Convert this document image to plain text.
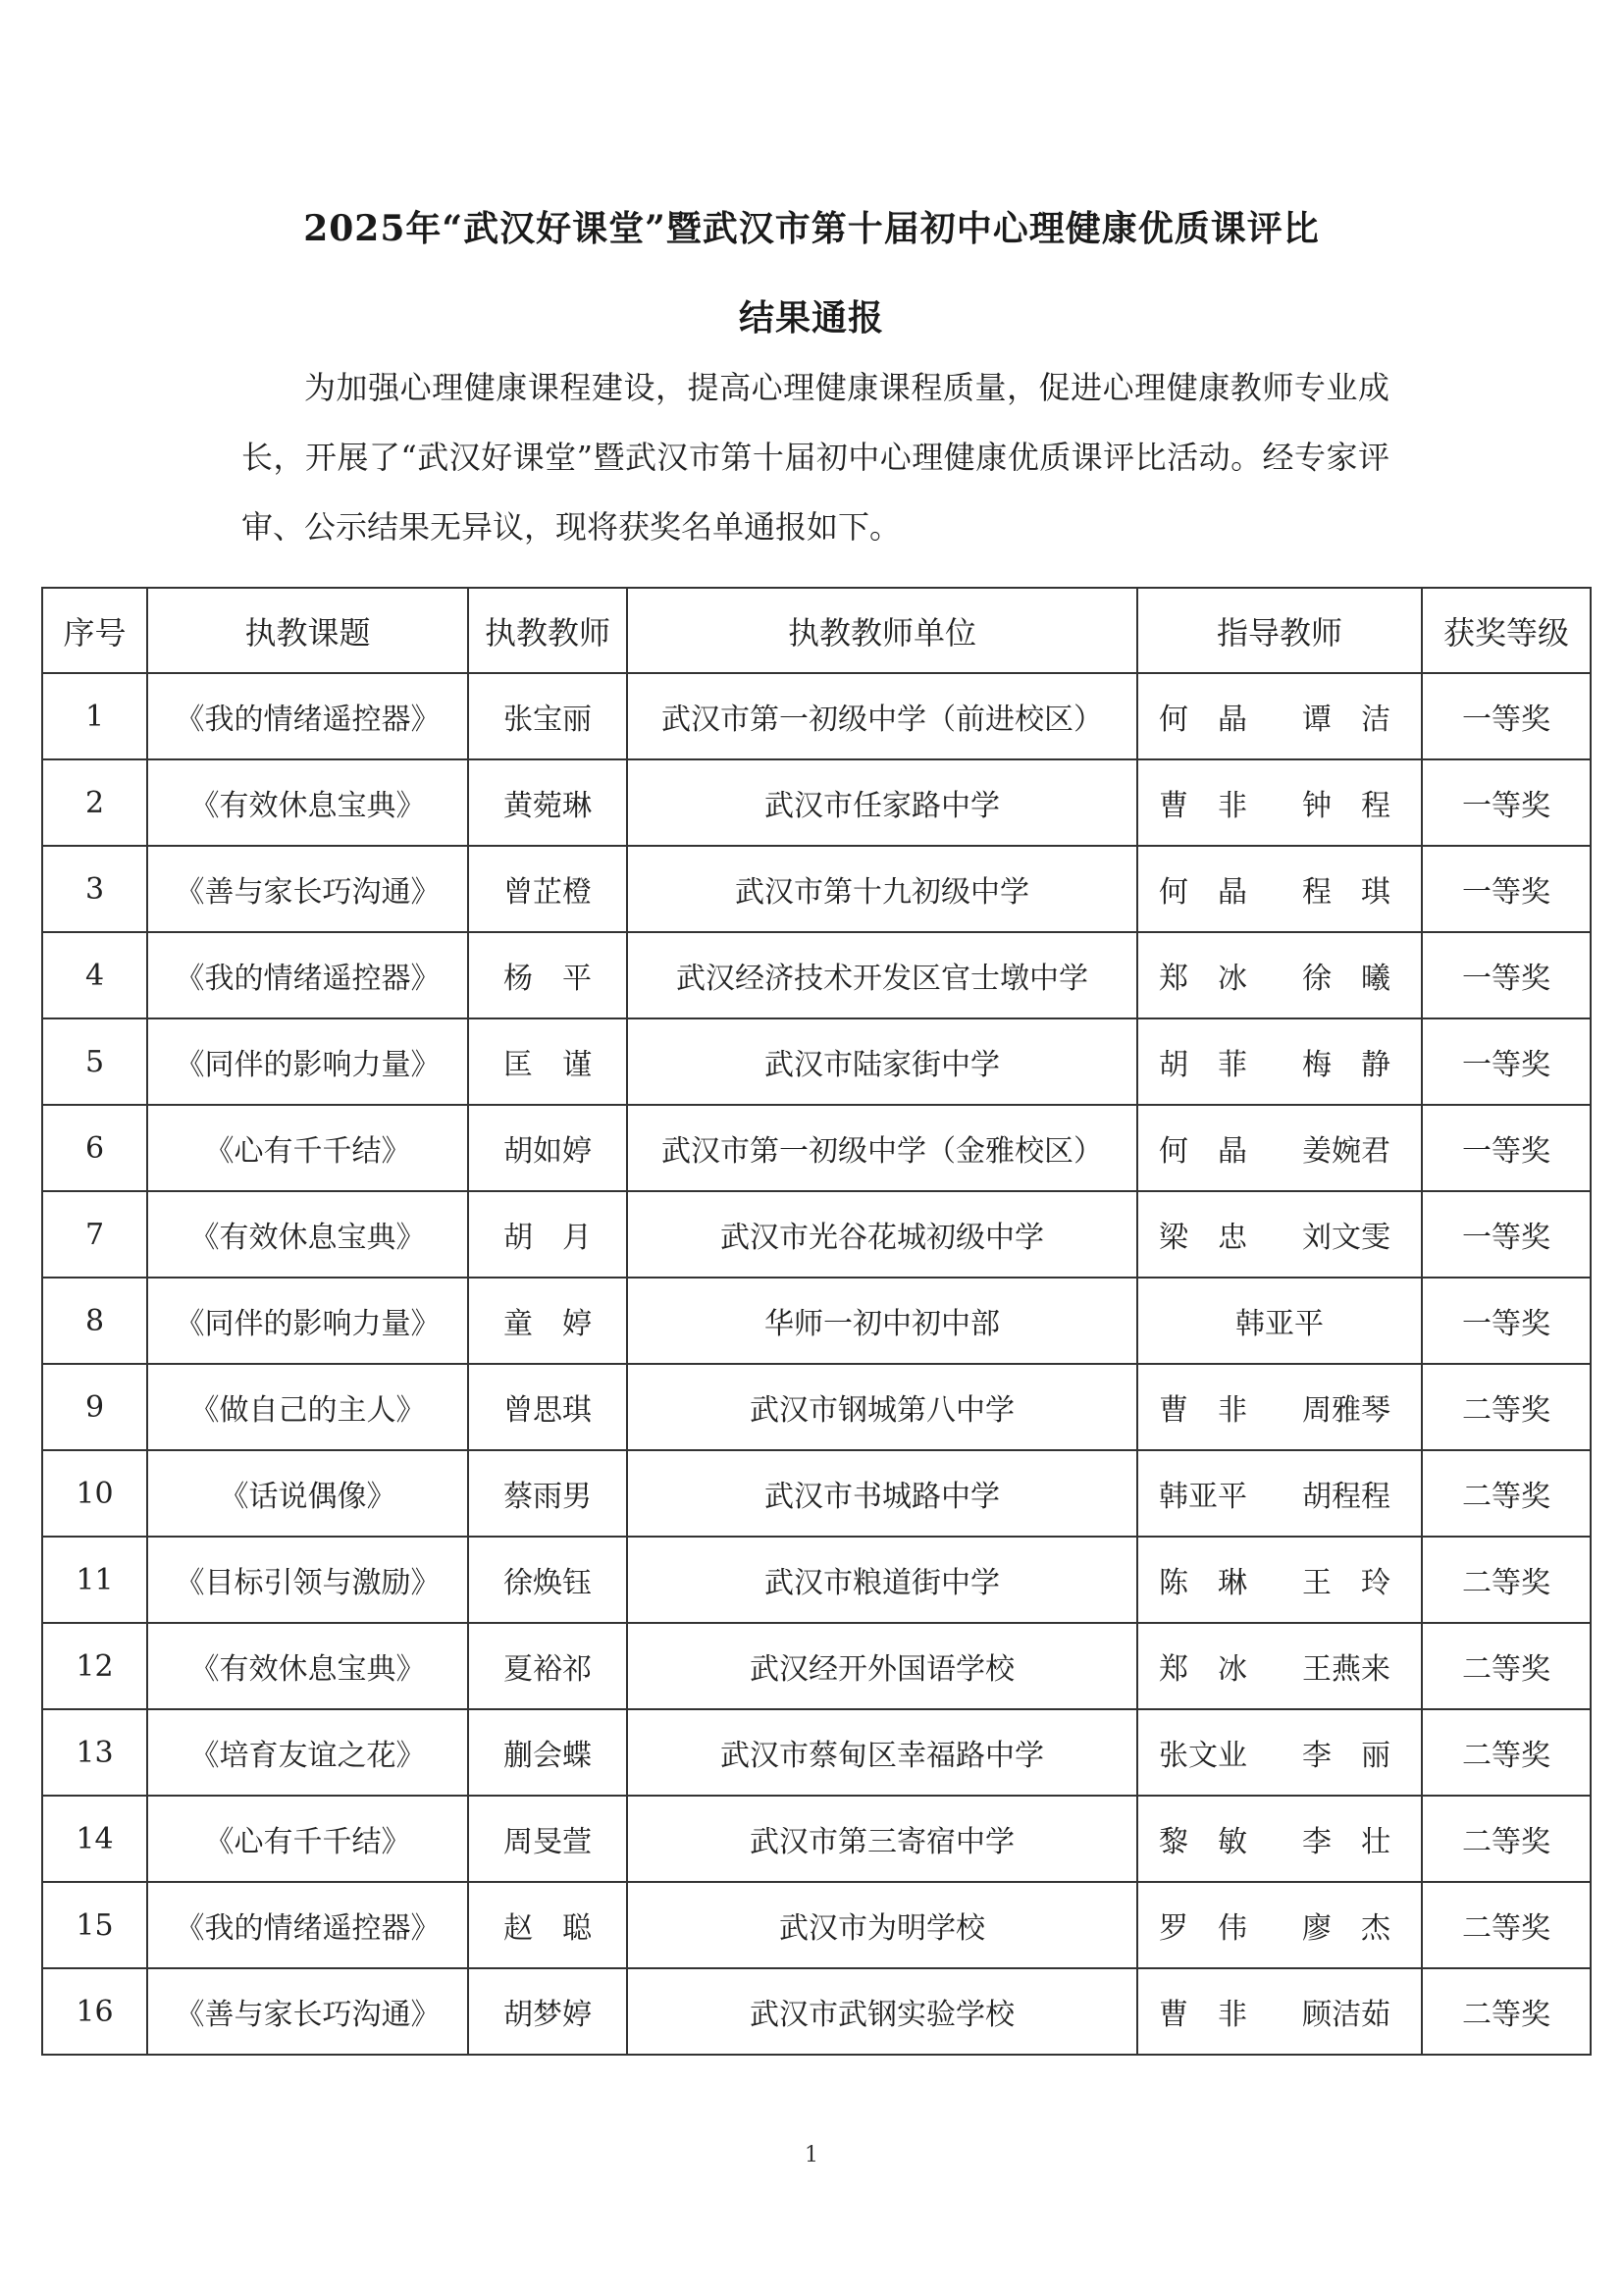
2025年“武汉好课堂”暨武汉市第十届初中心理健康优质课评比
结果通报

为加强心理健康课程建设，提高心理健康课程质量，促进心理健康教师专业成长，开展了“武汉好课堂”暨武汉市第十届初中心理健康优质课评比活动。经专家评审、公示结果无异议，现将获奖名单通报如下。

序号	执教课题	执教教师	执教教师单位	指导教师	获奖等级
1	《我的情绪遥控器》	张宝丽	武汉市第一初级中学（前进校区）	何　晶 谭　洁	一等奖
2	《有效休息宝典》	黄菀琳	武汉市任家路中学	曹　非 钟　程	一等奖
3	《善与家长巧沟通》	曾芷橙	武汉市第十九初级中学	何　晶 程　琪	一等奖
4	《我的情绪遥控器》	杨　平	武汉经济技术开发区官士墩中学	郑　冰 徐　曦	一等奖
5	《同伴的影响力量》	匡　谨	武汉市陆家街中学	胡　菲 梅　静	一等奖
6	《心有千千结》	胡如婷	武汉市第一初级中学（金雅校区）	何　晶 姜婉君	一等奖
7	《有效休息宝典》	胡　月	武汉市光谷花城初级中学	梁　忠 刘文雯	一等奖
8	《同伴的影响力量》	童　婷	华师一初中初中部	韩亚平	一等奖
9	《做自己的主人》	曾思琪	武汉市钢城第八中学	曹　非 周雅琴	二等奖
10	《话说偶像》	蔡雨男	武汉市书城路中学	韩亚平 胡程程	二等奖
11	《目标引领与激励》	徐焕钰	武汉市粮道街中学	陈　琳 王　玲	二等奖
12	《有效休息宝典》	夏裕祁	武汉经开外国语学校	郑　冰 王燕来	二等奖
13	《培育友谊之花》	蒯会蝶	武汉市蔡甸区幸福路中学	张文业 李　丽	二等奖
14	《心有千千结》	周旻萱	武汉市第三寄宿中学	黎　敏 李　壮	二等奖
15	《我的情绪遥控器》	赵　聪	武汉市为明学校	罗　伟 廖　杰	二等奖
16	《善与家长巧沟通》	胡梦婷	武汉市武钢实验学校	曹　非 顾洁茹	二等奖
1
